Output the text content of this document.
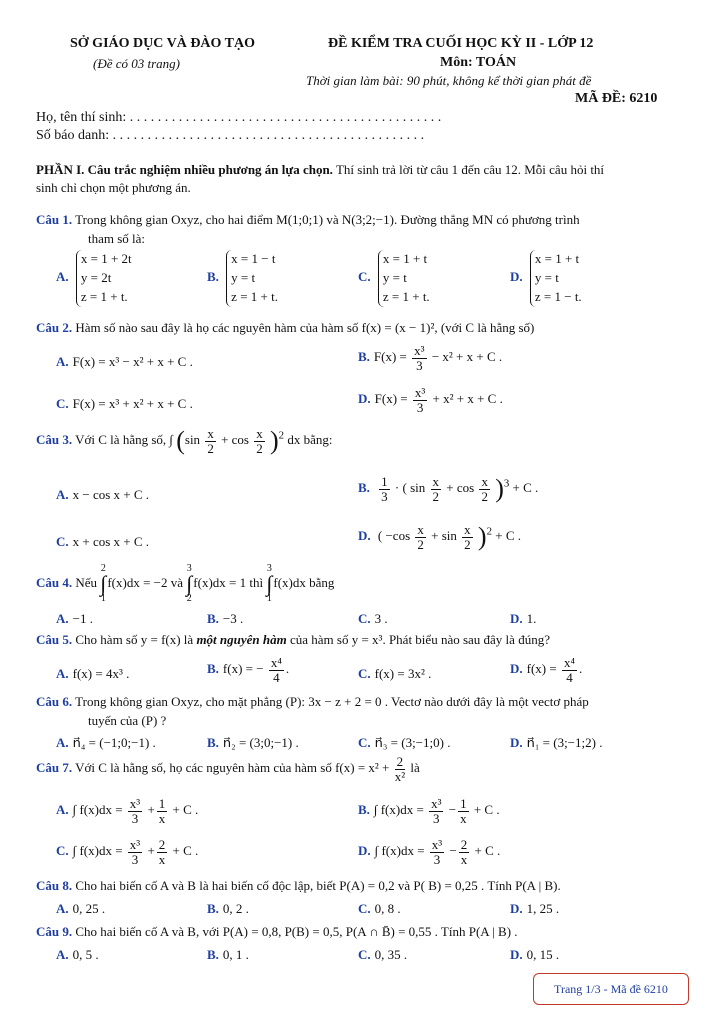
SỞ GIÁO DỤC VÀ ĐÀO TẠO
(Đề có 03 trang)
ĐỀ KIỂM TRA CUỐI HỌC KỲ II - LỚP 12
Môn: TOÁN
Thời gian làm bài: 90 phút, không kể thời gian phát đề
MÃ ĐỀ: 6210
Họ, tên thí sinh: . . . . . . . . . . . . . . . . . . . . . . . . . . . . . . . . . . . . . . . . . . . . .
Số báo danh: . . . . . . . . . . . . . . . . . . . . . . . . . . . . . . . . . . . . . . . . . . . . .
PHẦN I. Câu trắc nghiệm nhiều phương án lựa chọn. Thí sinh trả lời từ câu 1 đến câu 12. Mỗi câu hỏi thí
sinh chỉ chọn một phương án.
Câu 1. Trong không gian Oxyz, cho hai điểm M(1;0;1) và N(3;2;−1). Đường thẳng MN có phương trình
tham số là:
A.
x = 1 + 2t
y = 2t
z = 1 + t.
B.
x = 1 − t
y = t
z = 1 + t.
C.
x = 1 + t
y = t
z = 1 + t.
D.
x = 1 + t
y = t
z = 1 − t.
Câu 2. Hàm số nào sau đây là họ các nguyên hàm của hàm số f(x) = (x − 1)², (với C là hằng số)
A. F(x) = x³ − x² + x + C .	B. $F(x) = \frac{\text{x³}}{3} - x^2 + x + C$ .
C. F(x) = x³ + x² + x + C .	D. $F(x) = \frac{\text{x³}}{3} + x^2 + x + C$ .
Câu 3. Với C là hằng số, ∫ $(\sin \frac{x}{2} + \cos \frac{x}{2} )^2$ dx bằng:
A. x − cos x + C .	B. $\frac{1}{3}$ · ( $\sin \frac{x}{2} + \cos \frac{x}{2} )^3 + C$ .
C. x + cos x + C .	D. ( $-\cos \frac{x}{2} + \sin \frac{x}{2} )^2 + C$ .
Câu 4. Nếu 2
∫
1f(x)dx = −2 và 3
∫
2f(x)dx = 1 thì 3
∫
1f(x)dx bằng
A. −1 .	B. −3 .	C. 3 .	D. 1.
Câu 5. Cho hàm số y = f(x) là một nguyên hàm của hàm số y = x³. Phát biểu nào sau đây là đúng?
A. f(x) = 4x³ .	B. f(x) = − $\frac{\text{x⁴}}{4}$ .	C. f(x) = 3x² .	D. $f(x) = \frac{\text{x⁴}}{4}$ .
Câu 6. Trong không gian Oxyz, cho mặt phẳng (P): 3x − z + 2 = 0 . Vectơ nào dưới đây là một vectơ pháp
tuyến của (P) ?
A. n⃗₄ = (−1;0;−1) .	B. n⃗₂ = (3;0;−1) .	C. n⃗₃ = (3;−1;0) .	D. n⃗₁ = (3;−1;2) .
Câu 7. Với C là hằng số, họ các nguyên hàm của hàm số $f(x) = x^2 + \frac{2}{\text{x²}}$ là
A. ∫ $f(x)dx = \frac{\text{x³}}{3} + \frac{1}{x} + C$ .	B. ∫ $f(x)dx = \frac{\text{x³}}{3} - \frac{1}{x} + C$ .
C. ∫ $f(x)dx = \frac{\text{x³}}{3} + \frac{2}{x} + C$ .	D. ∫ $f(x)dx = \frac{\text{x³}}{3} - \frac{2}{x} + C$ .
Câu 8. Cho hai biến cố A và B là hai biến cố độc lập, biết P(A) = 0,2 và P( B) = 0,25 . Tính P(A | B).
A. 0, 25 .	B. 0, 2 .	C. 0, 8 .	D. 1, 25 .
Câu 9. Cho hai biến cố A và B, với P(A) = 0,8, P(B) = 0,5, P(A ∩ B̄) = 0,55 . Tính P(A | B) .
A. 0, 5 .	B. 0, 1 .	C. 0, 35 .	D. 0, 15 .
Trang 1/3 - Mã đề 6210
